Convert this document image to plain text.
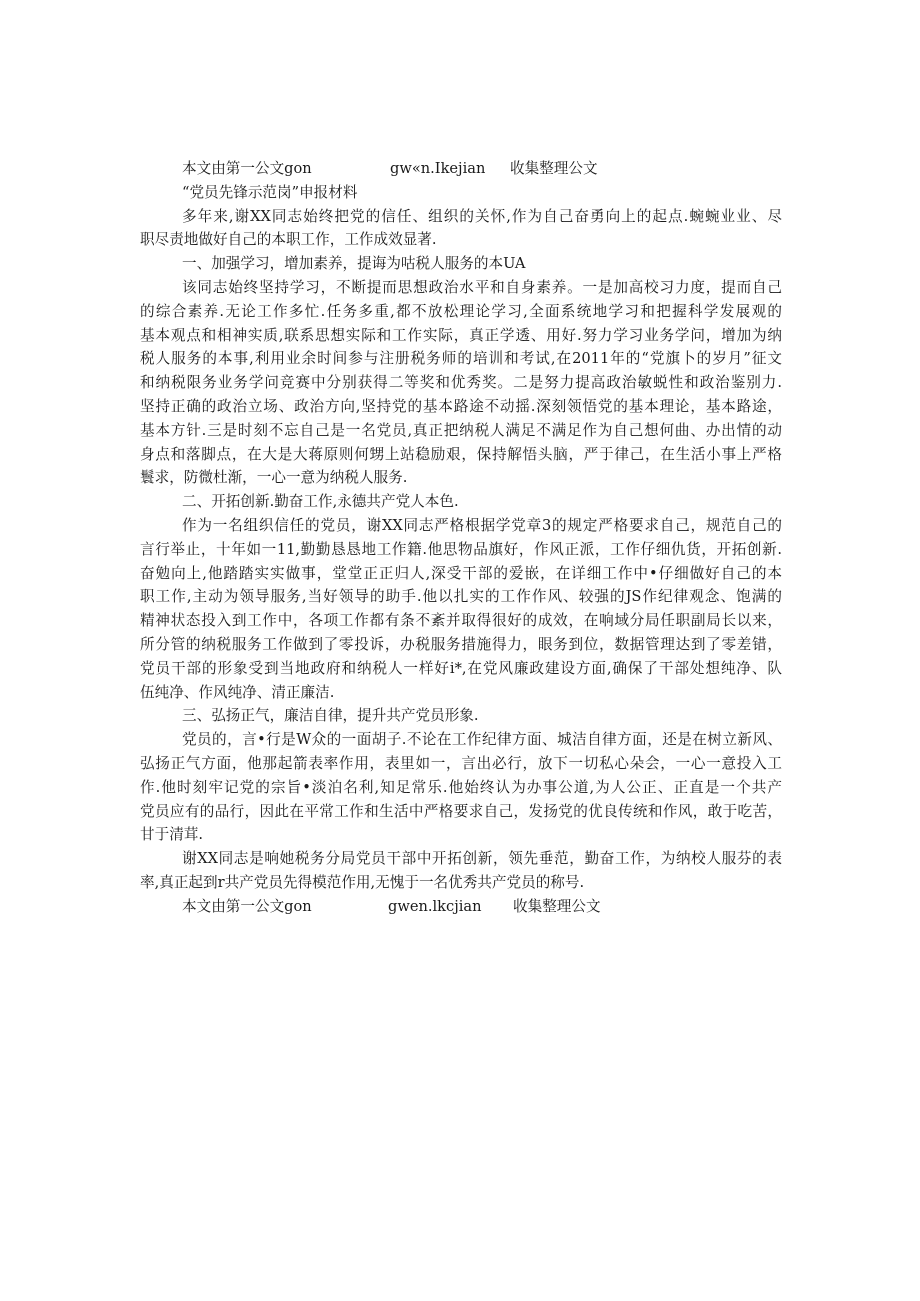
本文由第一公文gon	gw«n.Ikejian	收集整理公文
“党员先锋示范岗”申报材料
多年来,谢XX同志始终把党的信任、组织的关怀,作为自己奋勇向上的起点.蜿蜿业业、尽
职尽责地做好自己的本职工作，工作成效显著.
一、加强学习，增加素养，提诲为咕税人服务的本UA
该同志始终坚持学习，不断提而思想政治水平和自身素养。一是加高校习力度，提而自己
的综合素养.无论工作多忙.任务多重,都不放松理论学习,全面系统地学习和把握科学发展观的
基本观点和相神实质,联系思想实际和工作实际，真正学透、用好.努力学习业务学问，增加为纳
税人服务的本事,利用业余时间参与注册税务师的培训和考试,在2011年的“党旗卜的岁月”征文
和纳税限务业务学问竞赛中分别获得二等奖和优秀奖。二是努力提高政治敏蜕性和政治鉴别力.
坚持正确的政治立场、政治方向,坚持党的基本路途不动摇.深刻领悟党的基本理论，基本路途，
基本方针.三是时刻不忘自己是一名党员,真正把纳税人满足不满足作为自己想何曲、办出情的动
身点和落脚点，在大是大蒋原则何甥上站稳励艰，保持解悟头脑，严于律己，在生活小事上严格
鬟求，防微杜渐，一心一意为纳税人服务.
二、开拓创新.勤奋工作,永德共产党人本色.
作为一名组织信任的党员，谢XX同志严格根据学党章3的规定严格要求自己，规范自己的
言行举止，十年如一11,勤勤恳恳地工作籍.他思物品旗好，作风正派，工作仔细仇货，开拓创新.
奋勉向上,他踏踏实实做事，堂堂正正归人,深受干部的爱嵌，在详细工作中•仔细做好自己的本
职工作,主动为领导服务,当好领导的助手.他以扎实的工作作风、较强的JS作纪律观念、饱满的
精神状态投入到工作中，各项工作都有条不紊并取得很好的成效，在响域分局任职副局长以来，
所分管的纳税服务工作做到了零投诉，办税服务措施得力，眼务到位，数据管理达到了零差错，
党员干部的形象受到当地政府和纳税人一样好i*,在党风廉政建设方面,确保了干部处想纯净、队
伍纯净、作风纯净、清正廉洁.
三、弘扬正气，廉洁自律，提升共产党员形象.
党员的，言•行是W众的一面胡子.不论在工作纪律方面、城洁自律方面，还是在树立新风、
弘扬正气方面，他那起箭表率作用，表里如一，言出必行，放下一切私心朵会，一心一意投入工
作.他时刻牢记党的宗旨•淡泊名利,知足常乐.他始终认为办事公道,为人公正、正直是一个共产
党员应有的品行，因此在平常工作和生活中严格要求自己，发扬党的优良传统和作风，敢于吃苦，
甘于清茸.
谢XX同志是响她税务分局党员干部中开拓创新，领先垂范，勤奋工作，为纳校人服芬的表
率,真正起到r共产党员先得模范作用,无愧于一名优秀共产党员的称号.
本文由第一公文gon	gwen.lkcjian	收集整理公文
